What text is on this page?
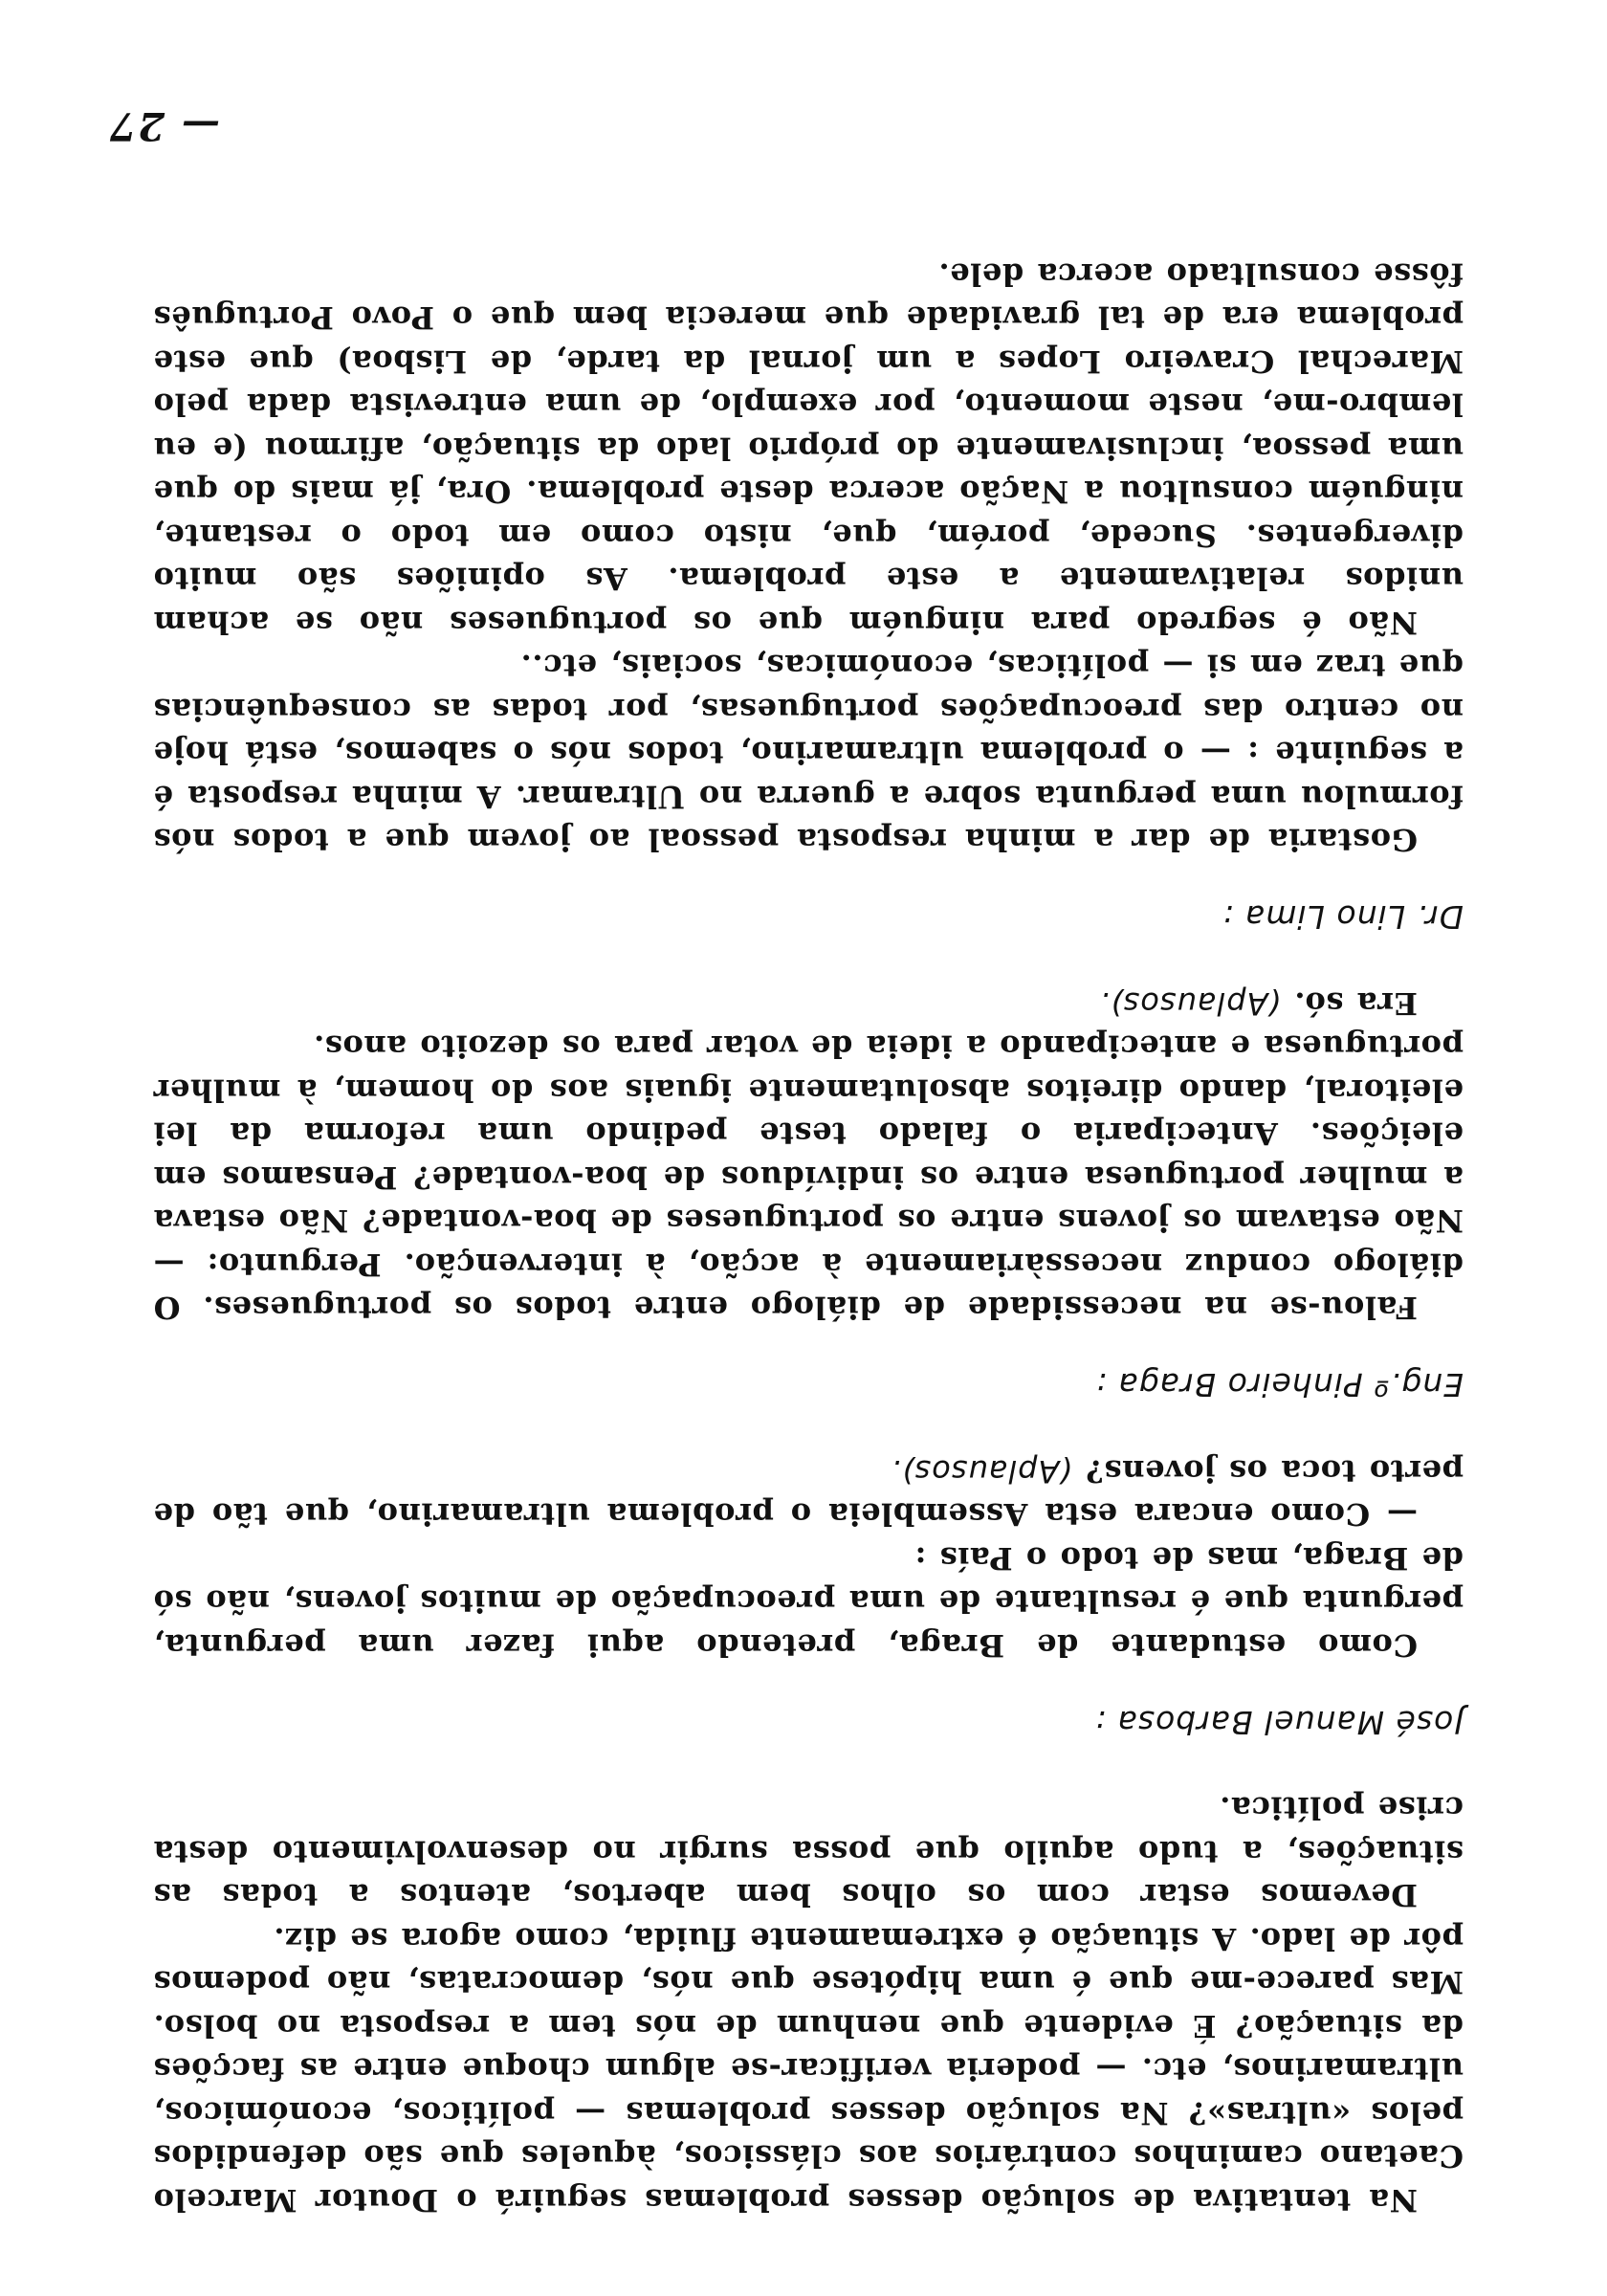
Na tentativa de solução desses problemas seguirá o Doutor Marcelo Caetano caminhos contrários aos clássicos, àqueles que são defendidos pelos «ultras»? Na solução desses problemas — políticos, económicos, ultramarinos, etc. — poderia verificar-se algum choque entre as facções da situação? É evidente que nenhum de nós tem a resposta no bolso. Mas parece-me que é uma hipótese que nós, democratas, não podemos pôr de lado. A situação é extremamente fluida, como agora se diz.

Devemos estar com os olhos bem abertos, atentos a todas as situações, a tudo aquilo que possa surgir no desenvolvimento desta crise política.

José Manuel Barbosa :

Como estudante de Braga, pretendo aqui fazer uma pergunta, pergunta que é resultante de uma preocupação de muitos jovens, não só de Braga, mas de todo o País :

— Como encara esta Assembleia o problema ultramarino, que tão de perto toca os jovens? (Aplausos).

Eng.º Pinheiro Braga :

Falou-se na necessidade de diálogo entre todos os portugueses. O diálogo conduz necessàriamente à acção, à intervenção. Pergunto: — Não estavam os jovens entre os portugueses de boa-vontade? Não estava a mulher portuguesa entre os indivíduos de boa-vontade? Pensamos em eleições. Anteciparia o falado teste pedindo uma reforma da lei eleitoral, dando direitos absolutamente iguais aos do homem, à mulher portuguesa e antecipando a ideia de votar para os dezoito anos.

Era só. (Aplausos).

Dr. Lino Lima :

Gostaria de dar a minha resposta pessoal ao jovem que a todos nós formulou uma pergunta sobre a guerra no Ultramar. A minha resposta é a seguinte : — o problema ultramarino, todos nós o sabemos, está hoje no centro das preocupações portuguesas, por todas as consequências que traz em si — políticas, económicas, sociais, etc..

Não é segredo para ninguém que os portugueses não se acham unidos relativamente a este problema. As opiniões são muito divergentes. Sucede, porém, que, nisto como em todo o restante, ninguém consultou a Nação acerca deste problema. Ora, já mais do que uma pessoa, inclusivamente do próprio lado da situação, afirmou (e eu lembro-me, neste momento, por exemplo, de uma entrevista dada pelo Marechal Craveiro Lopes a um jornal da tarde, de Lisboa) que este problema era de tal gravidade que merecia bem que o Povo Português fôsse consultado acerca dele.

— 27
